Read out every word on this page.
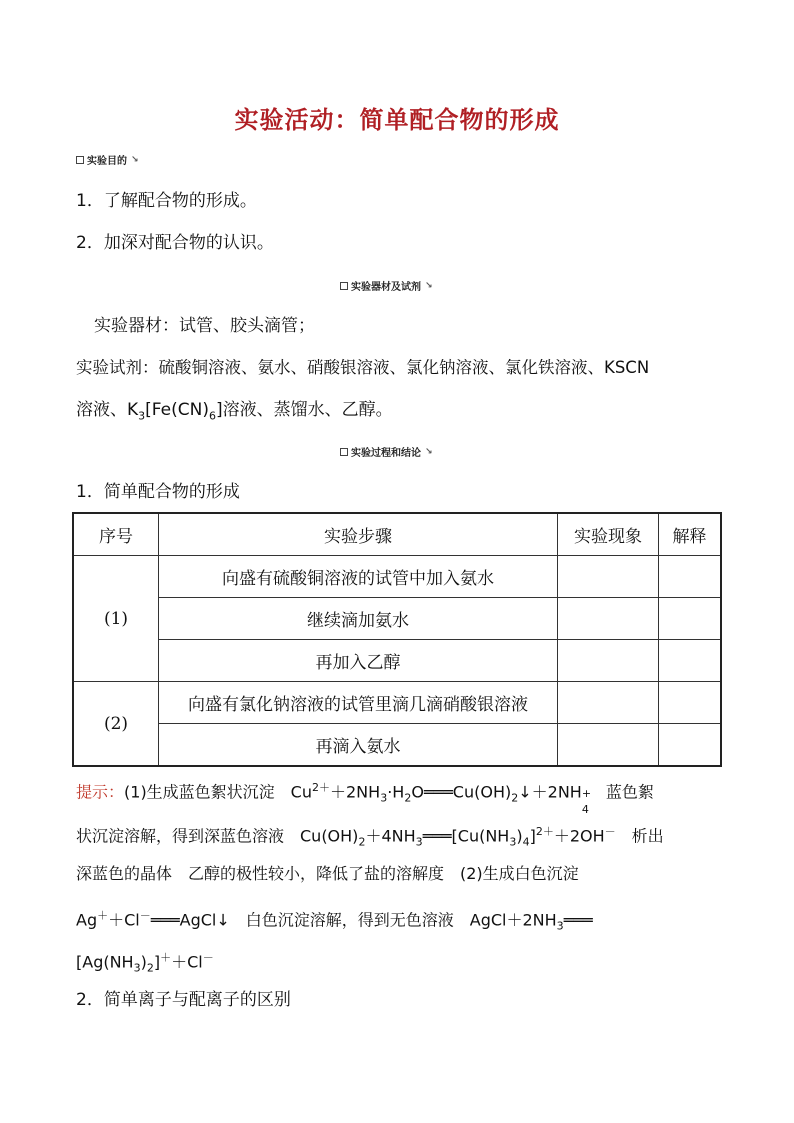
实验活动：简单配合物的形成
实验目的 ↘
1．了解配合物的形成。
2．加深对配合物的认识。
实验器材及试剂 ↘
实验器材：试管、胶头滴管；
实验试剂：硫酸铜溶液、氨水、硝酸银溶液、氯化钠溶液、氯化铁溶液、KSCN
溶液、$K_3[Fe(CN)_6]$溶液、蒸馏水、乙醇。
实验过程和结论 ↘
1．简单配合物的形成
序号	实验步骤	实验现象	解释
(1)	向盛有硫酸铜溶液的试管中加入氨水		
	继续滴加氨水		
	再加入乙醇		
(2)	向盛有氯化钠溶液的试管里滴几滴硝酸银溶液		
	再滴入氨水		
提示：(1)生成蓝色絮状沉淀　$Cu^{2+}+2NH_3\cdot H_2O═══Cu(OH)_2↓+2NH$ +
4
　蓝色絮
状沉淀溶解，得到深蓝色溶液　$Cu(OH)_2+4NH_3═══[Cu(NH_3)_4]^{2+}+2OH^-$　析出
深蓝色的晶体　乙醇的极性较小，降低了盐的溶解度　(2)生成白色沉淀
Ag＋＋Cl－═══AgCl↓　白色沉淀溶解，得到无色溶液　$AgCl+2NH_3═══$
$[Ag(NH_3)_2]^++Cl^-$
2．简单离子与配离子的区别
